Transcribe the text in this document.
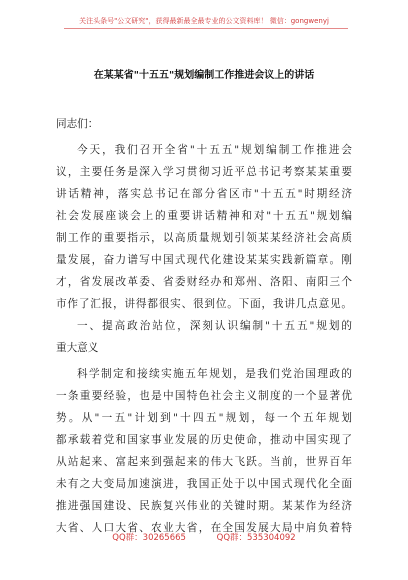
关注头条号"公文研究"，获得最新最全最专业的公文资料库！ 微信：gongwenyj
在某某省"十五五"规划编制工作推进会议上的讲话
同志们：
今天，我们召开全省"十五五"规划编制工作推进会
议，主要任务是深入学习贯彻习近平总书记考察某某重要
讲话精神，落实总书记在部分省区市"十五五"时期经济
社会发展座谈会上的重要讲话精神和对"十五五"规划编
制工作的重要指示，以高质量规划引领某某经济社会高质
量发展，奋力谱写中国式现代化建设某某实践新篇章。刚
才，省发展改革委、省委财经办和郑州、洛阳、南阳三个
市作了汇报，讲得都很实、很到位。下面，我讲几点意见。
一、提高政治站位，深刻认识编制"十五五"规划的
重大意义
科学制定和接续实施五年规划，是我们党治国理政的
一条重要经验，也是中国特色社会主义制度的一个显著优
势。从"一五"计划到"十四五"规划，每一个五年规划
都承载着党和国家事业发展的历史使命，推动中国实现了
从站起来、富起来到强起来的伟大飞跃。当前，世界百年
未有之大变局加速演进，我国正处于以中国式现代化全面
推进强国建设、民族复兴伟业的关键时期。某某作为经济
大省、人口大省、农业大省，在全国发展大局中肩负着特
QQ群：30265665	QQ群：535304092
